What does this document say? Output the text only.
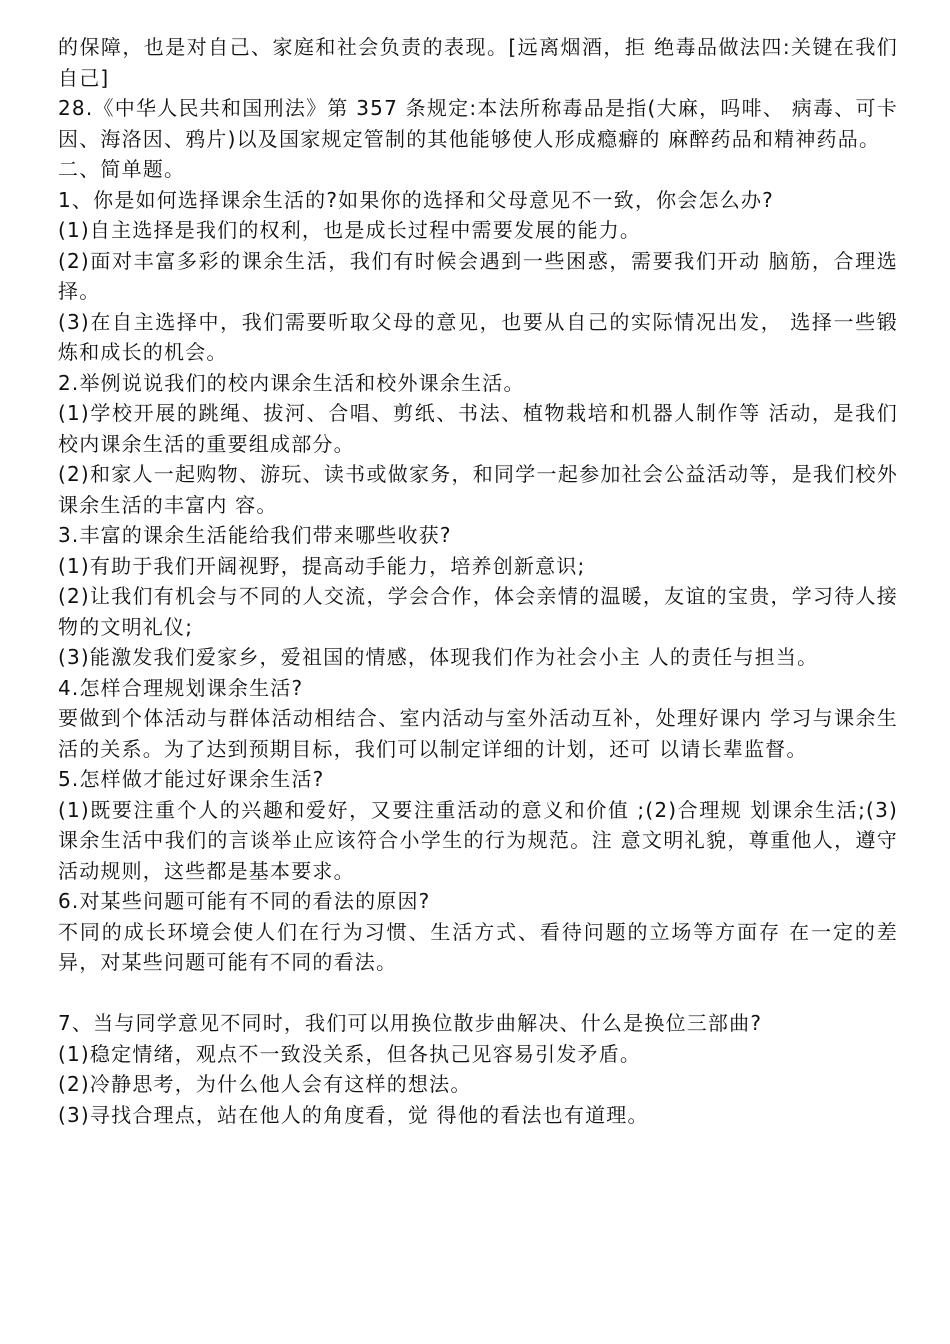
的保障，也是对自己、家庭和社会负责的表现。[远离烟酒，拒 绝毒品做法四:关键在我们自己]

28.《中华人民共和国刑法》第 357 条规定:本法所称毒品是指(大麻，吗啡、 病毒、可卡因、海洛因、鸦片)以及国家规定管制的其他能够使人形成瘾癖的 麻醉药品和精神药品。

二、简单题。

1、你是如何选择课余生活的?如果你的选择和父母意见不一致，你会怎么办?

(1)自主选择是我们的权利，也是成长过程中需要发展的能力。

(2)面对丰富多彩的课余生活，我们有时候会遇到一些困惑，需要我们开动 脑筋，合理选择。

(3)在自主选择中，我们需要听取父母的意见，也要从自己的实际情况出发， 选择一些锻炼和成长的机会。

2.举例说说我们的校内课余生活和校外课余生活。

(1)学校开展的跳绳、拔河、合唱、剪纸、书法、植物栽培和机器人制作等 活动，是我们校内课余生活的重要组成部分。

(2)和家人一起购物、游玩、读书或做家务，和同学一起参加社会公益活动等，是我们校外课余生活的丰富内 容。

3.丰富的课余生活能给我们带来哪些收获?

(1)有助于我们开阔视野，提高动手能力，培养创新意识;

(2)让我们有机会与不同的人交流，学会合作，体会亲情的温暖，友谊的宝贵，学习待人接物的文明礼仪;

(3)能激发我们爱家乡，爱祖国的情感，体现我们作为社会小主 人的责任与担当。

4.怎样合理规划课余生活?

要做到个体活动与群体活动相结合、室内活动与室外活动互补，处理好课内 学习与课余生活的关系。为了达到预期目标，我们可以制定详细的计划，还可 以请长辈监督。

5.怎样做才能过好课余生活?

(1)既要注重个人的兴趣和爱好，又要注重活动的意义和价值 ;(2)合理规 划课余生活;(3)课余生活中我们的言谈举止应该符合小学生的行为规范。注 意文明礼貌，尊重他人，遵守活动规则，这些都是基本要求。

6.对某些问题可能有不同的看法的原因?

不同的成长环境会使人们在行为习惯、生活方式、看待问题的立场等方面存 在一定的差异，对某些问题可能有不同的看法。

7、当与同学意见不同时，我们可以用换位散步曲解决、什么是换位三部曲?

(1)稳定情绪，观点不一致没关系，但各执己见容易引发矛盾。

(2)冷静思考，为什么他人会有这样的想法。

(3)寻找合理点，站在他人的角度看，觉 得他的看法也有道理。
